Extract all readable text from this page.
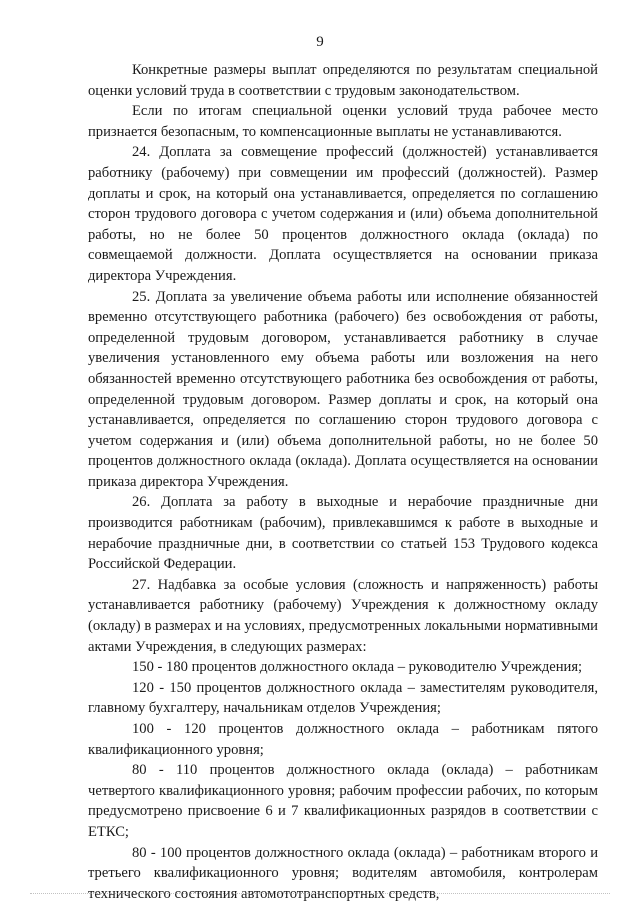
9

Конкретные размеры выплат определяются по результатам специальной оценки условий труда в соответствии с трудовым законодательством.

Если по итогам специальной оценки условий труда рабочее место признается безопасным, то компенсационные выплаты не устанавливаются.

24. Доплата за совмещение профессий (должностей) устанавливается работнику (рабочему) при совмещении им профессий (должностей). Размер доплаты и срок, на который она устанавливается, определяется по соглашению сторон трудового договора с учетом содержания и (или) объема дополнительной работы, но не более 50 процентов должностного оклада (оклада) по совмещаемой должности. Доплата осуществляется на основании приказа директора Учреждения.

25. Доплата за увеличение объема работы или исполнение обязанностей временно отсутствующего работника (рабочего) без освобождения от работы, определенной трудовым договором, устанавливается работнику в случае увеличения установленного ему объема работы или возложения на него обязанностей временно отсутствующего работника без освобождения от работы, определенной трудовым договором. Размер доплаты и срок, на который она устанавливается, определяется по соглашению сторон трудового договора с учетом содержания и (или) объема дополнительной работы, но не более 50 процентов должностного оклада (оклада). Доплата осуществляется на основании приказа директора Учреждения.

26. Доплата за работу в выходные и нерабочие праздничные дни производится работникам (рабочим), привлекавшимся к работе в выходные и нерабочие праздничные дни, в соответствии со статьей 153 Трудового кодекса Российской Федерации.

27. Надбавка за особые условия (сложность и напряженность) работы устанавливается работнику (рабочему) Учреждения к должностному окладу (окладу) в размерах и на условиях, предусмотренных локальными нормативными актами Учреждения, в следующих размерах:

150 - 180 процентов должностного оклада – руководителю Учреждения;

120 - 150 процентов должностного оклада – заместителям руководителя, главному бухгалтеру, начальникам отделов Учреждения;

100 - 120 процентов должностного оклада – работникам пятого квалификационного уровня;

80 - 110 процентов должностного оклада (оклада) – работникам четвертого квалификационного уровня; рабочим профессии рабочих, по которым предусмотрено присвоение 6 и 7 квалификационных разрядов в соответствии с ЕТКС;

80 - 100 процентов должностного оклада (оклада) – работникам второго и третьего квалификационного уровня; водителям автомобиля, контролерам технического состояния автомототранспортных средств,
